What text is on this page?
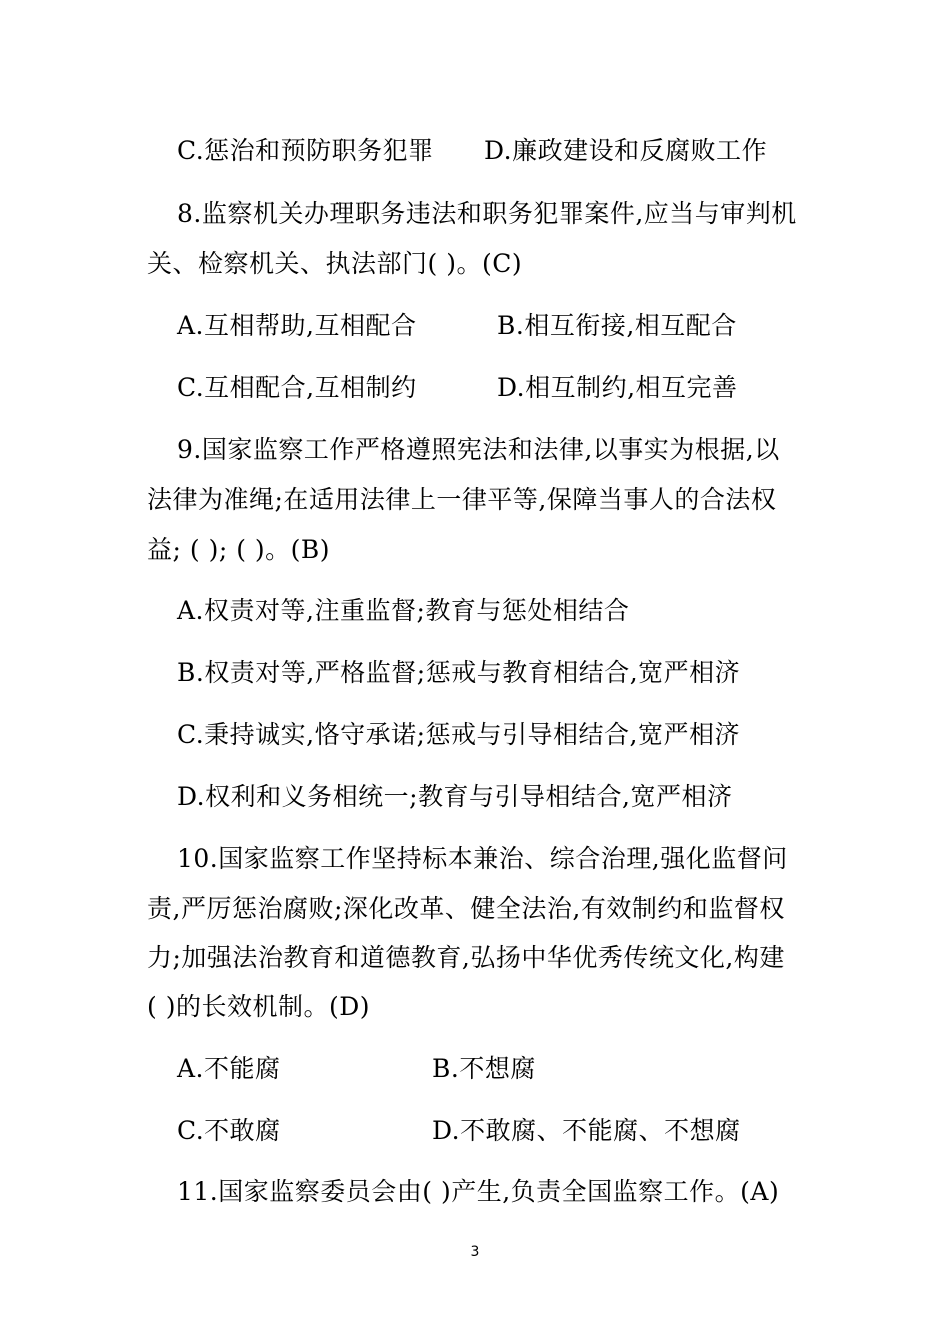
C.惩治和预防职务犯罪 D.廉政建设和反腐败工作
8.监察机关办理职务违法和职务犯罪案件,应当与审判机
关、检察机关、执法部门( )。(C)
A.互相帮助,互相配合	B.相互衔接,相互配合
C.互相配合,互相制约	D.相互制约,相互完善
9.国家监察工作严格遵照宪法和法律,以事实为根据,以
法律为准绳;在适用法律上一律平等,保障当事人的合法权
益; ( ); ( )。(B)
A.权责对等,注重监督;教育与惩处相结合
B.权责对等,严格监督;惩戒与教育相结合,宽严相济
C.秉持诚实,恪守承诺;惩戒与引导相结合,宽严相济
D.权利和义务相统一;教育与引导相结合,宽严相济
10.国家监察工作坚持标本兼治、综合治理,强化监督问
责,严厉惩治腐败;深化改革、健全法治,有效制约和监督权
力;加强法治教育和道德教育,弘扬中华优秀传统文化,构建
( )的长效机制。(D)
A.不能腐	B.不想腐
C.不敢腐	D.不敢腐、不能腐、不想腐
11.国家监察委员会由( )产生,负责全国监察工作。(A)
3
